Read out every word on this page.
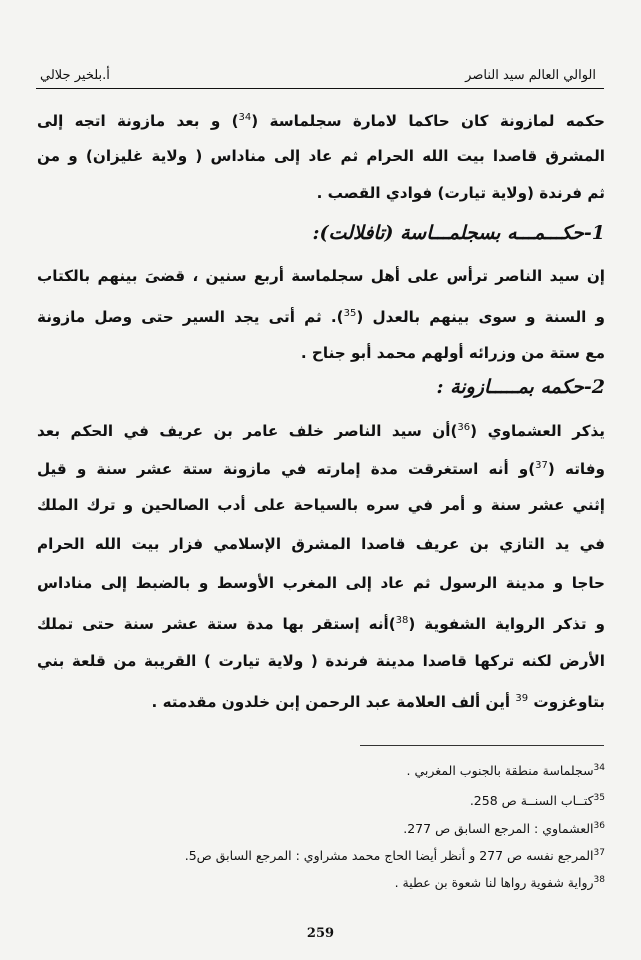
الوالي العالم سيد الناصر
أ.بلخير جلالي
حكمه لمازونة كان حاكما لامارة سجلماسة ($^{34}$) و بعد مازونة اتجه إلى
المشرق قاصدا بيت الله الحرام ثم عاد إلى مناداس ( ولاية غليزان) و من
ثم فرندة (ولاية تيارت) فوادي القصب .
1-حكـــمـــه بسجلمـــاسة (تافلالت):
إن سيد الناصر ترأس على أهل سجلماسة أربع سنين ، قضىَ بينهم بالكتاب
و السنة و سوى بينهم بالعدل ($^{35}$). ثم أتى يجد السير حتى وصل مازونة
مع ستة من وزرائه أولهم محمد أبو جناح .
2-حكمه بمـــــازونة :
يذكر العشماوي ($^{36}$)أن سيد الناصر خلف عامر بن عريف في الحكم بعد
وفاته ($^{37}$)و أنه استغرقت مدة إمارته في مازونة ستة عشر سنة و قيل
إثني عشر سنة و أمر في سره بالسياحة على أدب الصالحين و ترك الملك
في يد التازي بن عريف قاصدا المشرق الإسلامي فزار بيت الله الحرام
حاجا و مدينة الرسول ثم عاد إلى المغرب الأوسط و بالضبط إلى مناداس
و تذكر الرواية الشفوية ($^{38}$)أنه إستقر بها مدة ستة عشر سنة حتى تملك
الأرض لكنه تركها قاصدا مدينة فرندة ( ولاية تيارت ) القريبة من قلعة بني
بتاوغزوت $^{39}$ أين ألف العلامة عبد الرحمن إبن خلدون مقدمته .
$^{34}$سجلماسة منطقة بالجنوب المغربي .
$^{35}$كتــاب السنــة ص 258.
$^{36}$العشماوي : المرجع السابق ص 277.
$^{37}$المرجع نفسه ص 277 و أنظر أيضا الحاج محمد مشراوي : المرجع السابق ص5.
$^{38}$رواية شفوية رواها لنا شعوة بن عطية .
259
